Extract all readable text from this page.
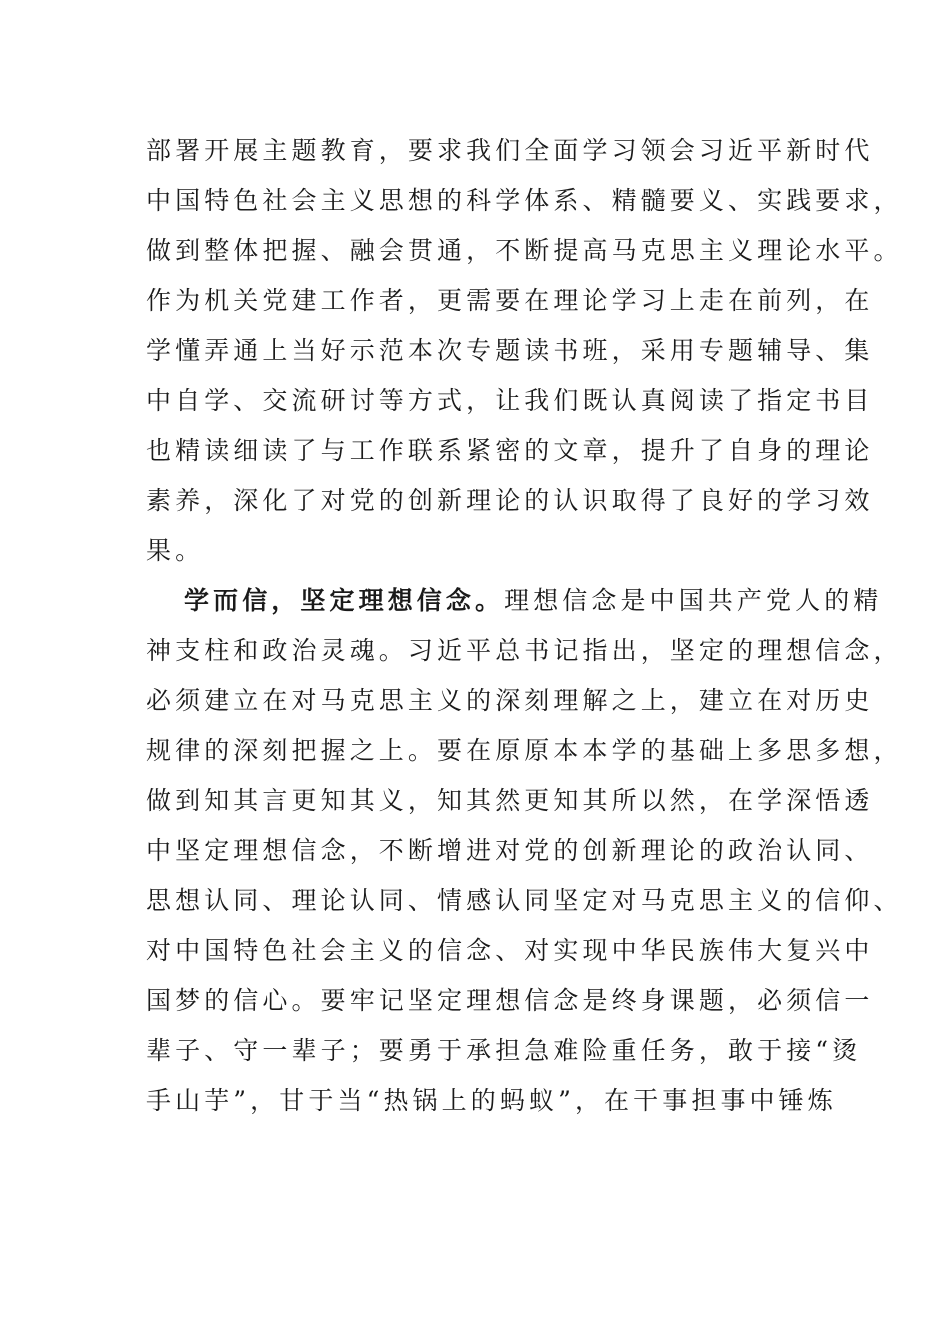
部署开展主题教育，要求我们全面学习领会习近平新时代
中国特色社会主义思想的科学体系、精髓要义、实践要求，
做到整体把握、融会贯通，不断提高马克思主义理论水平。
作为机关党建工作者，更需要在理论学习上走在前列，在
学懂弄通上当好示范本次专题读书班，采用专题辅导、集
中自学、交流研讨等方式，让我们既认真阅读了指定书目
也精读细读了与工作联系紧密的文章，提升了自身的理论
素养，深化了对党的创新理论的认识取得了良好的学习效
果。
学而信，坚定理想信念。理想信念是中国共产党人的精
神支柱和政治灵魂。习近平总书记指出，坚定的理想信念，
必须建立在对马克思主义的深刻理解之上，建立在对历史
规律的深刻把握之上。要在原原本本学的基础上多思多想，
做到知其言更知其义，知其然更知其所以然，在学深悟透
中坚定理想信念，不断增进对党的创新理论的政治认同、
思想认同、理论认同、情感认同坚定对马克思主义的信仰、
对中国特色社会主义的信念、对实现中华民族伟大复兴中
国梦的信心。要牢记坚定理想信念是终身课题，必须信一
辈子、守一辈子；要勇于承担急难险重任务，敢于接“烫
手山芋”，甘于当“热锅上的蚂蚁”，在干事担事中锤炼
